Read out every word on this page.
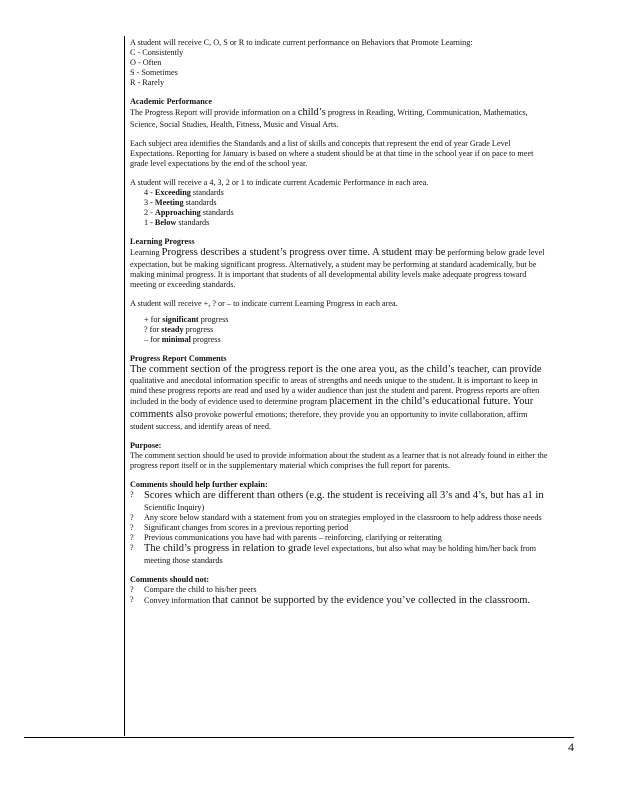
A student will receive C, O, S or R to indicate current performance on Behaviors that Promote Learning:

C - Consistently
O - Often
S - Sometimes
R - Rarely

Academic Performance

The Progress Report will provide information on a child’s progress in Reading, Writing, Communication, Mathematics, Science, Social Studies, Health, Fitness, Music and Visual Arts.

Each subject area identifies the Standards and a list of skills and concepts that represent the end of year Grade Level Expectations. Reporting for January is based on where a student should be at that time in the school year if on pace to meet grade level expectations by the end of the school year.

A student will receive a 4, 3, 2 or 1 to indicate current Academic Performance in each area.

4 - Exceeding standards

3 - Meeting standards

2 - Approaching standards

1 - Below standards

Learning Progress

Learning Progress describes a student’s progress over time. A student may be performing below grade level expectation, but be making significant progress. Alternatively, a student may be performing at standard academically, but be making minimal progress. It is important that students of all developmental ability levels make adequate progress toward meeting or exceeding standards.

A student will receive +, ? or – to indicate current Learning Progress in each area.

+ for significant progress

? for steady progress

– for minimal progress

Progress Report Comments

The comment section of the progress report is the one area you, as the child’s teacher, can provide qualitative and anecdotal information specific to areas of strengths and needs unique to the student. It is important to keep in mind these progress reports are read and used by a wider audience than just the student and parent. Progress reports are often included in the body of evidence used to determine program placement in the child’s educational future. Your comments also provoke powerful emotions; therefore, they provide you an opportunity to invite collaboration, affirm student success, and identify areas of need.

Purpose:

The comment section should be used to provide information about the student as a learner that is not already found in either the progress report itself or in the supplementary material which comprises the full report for parents.

Comments should help further explain:

? Scores which are different than others (e.g. the student is receiving all 3’s and 4’s, but has a1 in Scientific Inquiry)
?	Any score below standard with a statement from you on strategies employed in the classroom to help address those needs
?	Significant changes from scores in a previous reporting period
?	Previous communications you have had with parents – reinforcing, clarifying or reiterating
? The child’s progress in relation to grade level expectations, but also what may be holding him/her back from meeting those standards

Comments should not:

?	Compare the child to his/her peers
?	Convey information that cannot be supported by the evidence you’ve collected in the classroom.
4
